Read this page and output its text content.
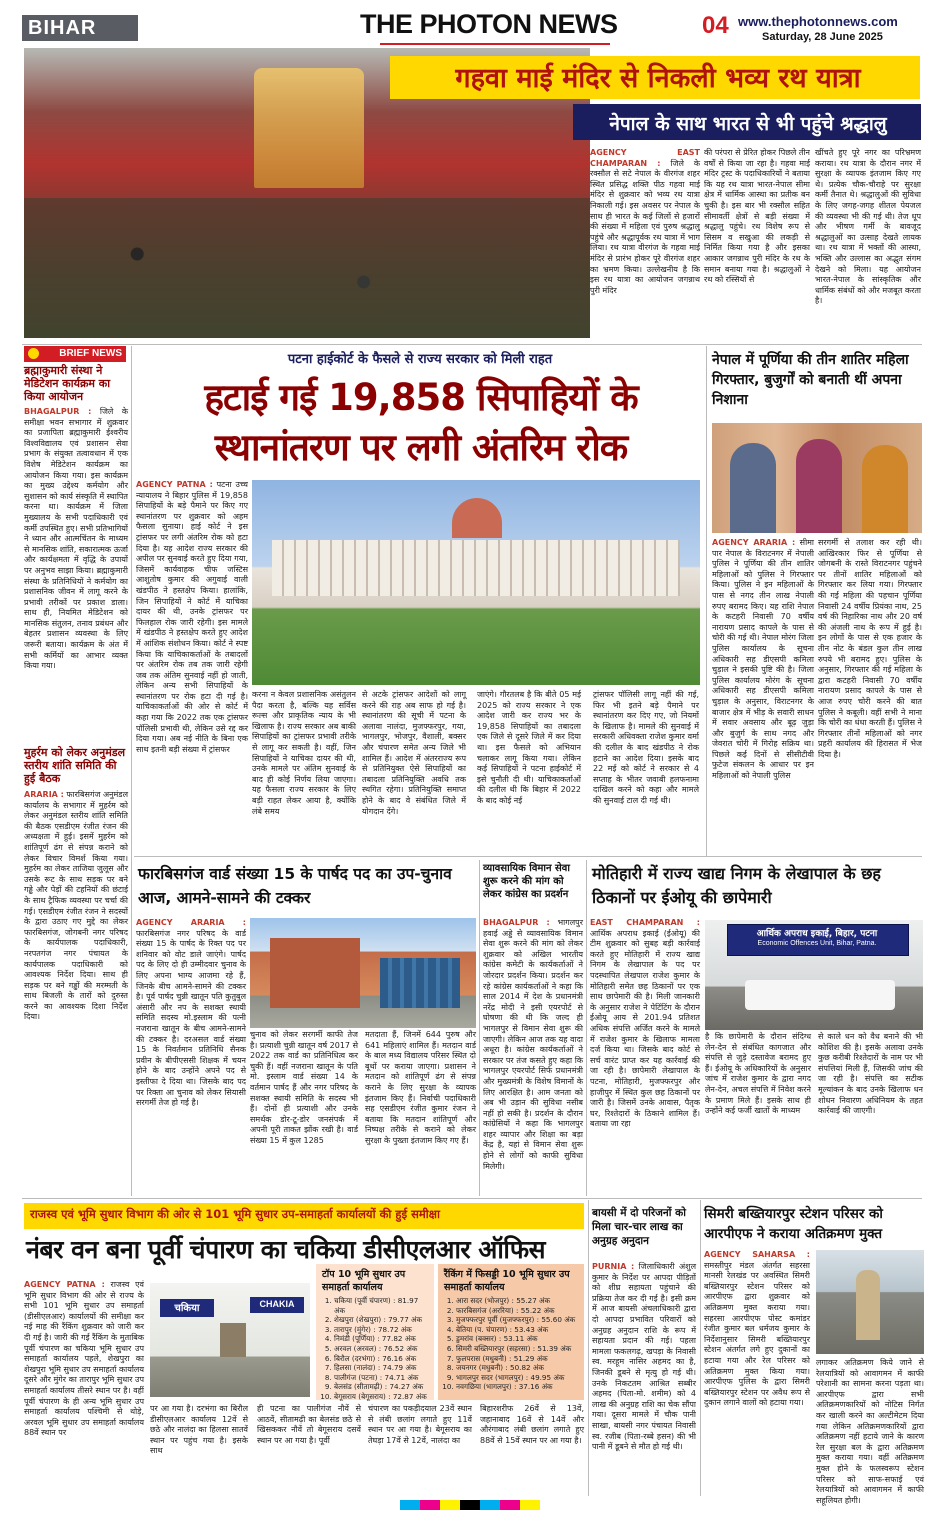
BIHAR	THE PHOTON NEWS	04 www.thephotonnews.com
Saturday, 28 June 2025
गहवा माई मंदिर से निकली भव्य रथ यात्रा
नेपाल के साथ भारत से भी पहुंचे श्रद्धालु
AGENCY EAST CHAMPARAN : जिले के रक्सौल से सटे नेपाल के वीरगंज शहर स्थित प्रसिद्ध शक्ति पीठ गहवा माई मंदिर से शुक्रवार को भव्य रथ यात्रा निकाली गई। इस अवसर पर नेपाल के साथ ही भारत के कई जिलों से हजारों की संख्या में महिला एवं पुरुष श्रद्धालु पहुंचे और श्रद्धापूर्वक रथ यात्रा में भाग लिया। रथ यात्रा वीरगंज के गहवा माई मंदिर से प्रारंभ होकर पूरे वीरगंज शहर का भ्रमण किया। उल्लेखनीय है कि इस रथ यात्रा का आयोजन जगन्नाथ पुरी मंदिर
की परंपरा से प्रेरित होकर पिछले तीन वर्षों से किया जा रहा है। गहवा माई मंदिर ट्रस्ट के पदाधिकारियों ने बताया कि यह रथ यात्रा भारत-नेपाल सीमा क्षेत्र में धार्मिक आस्था का प्रतीक बन चुकी है। इस बार भी रक्सौल सहित सीमावर्ती क्षेत्रों से बड़ी संख्या में श्रद्धालु पहुंचे। रथ विशेष रूप से सिसम व सखुआ की लकड़ी से निर्मित किया गया है और इसका आकार जगन्नाथ पुरी मंदिर के रथ के समान बनाया गया है। श्रद्धालुओं ने रथ को रस्सियों से
खींचते हुए पूरे नगर का परिभ्रमण कराया। रथ यात्रा के दौरान नगर में सुरक्षा के व्यापक इंतजाम किए गए थे। प्रत्येक चौक-चौराहे पर सुरक्षा कर्मी तैनात थे। श्रद्धालुओं की सुविधा के लिए जगह-जगह शीतल पेयजल की व्यवस्था भी की गई थी। तेज धूप और भीषण गर्मी के बावजूद श्रद्धालुओं का उत्साह देखते लायक था। रथ यात्रा में भक्तों की आस्था, भक्ति और उल्लास का अद्भुत संगम देखने को मिला। यह आयोजन भारत-नेपाल के सांस्कृतिक और धार्मिक संबंधों को और मजबूत करता है।
BRIEF NEWS
ब्रह्माकुमारी संस्था ने मेडिटेशन कार्यक्रम का किया आयोजन
BHAGALPUR : जिले के समीक्षा भवन सभागार में शुक्रवार का प्रजापिता ब्रह्माकुमारी ईश्वरीय विश्वविद्यालय एवं प्रशासन सेवा प्रभाग के संयुक्त तत्वावधान में एक विशेष मेडिटेशन कार्यक्रम का आयोजन किया गया। इस कार्यक्रम का मुख्य उद्देश्य कर्मयोग और सुशासन को कार्य संस्कृति में स्थापित करना था। कार्यक्रम में जिला मुख्यालय के सभी पदाधिकारी एवं कर्मी उपस्थित हुए। सभी प्रतिभागियों ने ध्यान और आत्मचिंतन के माध्यम से मानसिक शांति, सकारात्मक ऊर्जा और कार्यक्षमता में वृद्धि के उपायों पर अनुभव साझा किया। ब्रह्माकुमारी संस्था के प्रतिनिधियों ने कर्मयोग का प्रशासनिक जीवन में लागू करने के प्रभावी तरीकों पर प्रकाश डाला। साथ ही, नियमित मेडिटेशन को मानसिक संतुलन, तनाव प्रबंधन और बेहतर प्रशासन व्यवस्था के लिए जरूरी बताया। कार्यक्रम के अंत में सभी कर्मियों का आभार व्यक्त किया गया।
मुहर्रम को लेकर अनुमंडल स्तरीय शांति समिति की हुई बैठक
ARARIA : फारबिसगंज अनुमंडल कार्यालय के सभागार में मुहर्रम को लेकर अनुमंडल स्तरीय शांति समिति की बैठक एसडीएम रंजीत रंजन की अध्यक्षता में हुई। इसमें मुहर्रम को शांतिपूर्ण ढंग से संपन्न कराने को लेकर विचार विमर्श किया गया। मुहर्रम का लेकर ताजिया जुलूस और उसके रूट के साथ सड़क पर बने गड्ढे और पेड़ों की टहनियों की छंटाई के साथ ट्रैफिक व्यवस्था पर चर्चा की गई। एसडीएम रंजीत रंजन ने सदस्यों के द्वारा उठाए गए मुद्दे का लेकर फारबिसगंज, जोगबनी नगर परिषद के कार्यपालक पदाधिकारी, नरपतगंज नगर पंचायत के कार्यपालक पदाधिकारी को आवश्यक निर्देश दिया। साथ ही सड़क पर बने गड्ढों की मरम्मती के साथ बिजली के तारों को दुरुस्त करने का आवश्यक दिशा निर्देश दिया।
पटना हाईकोर्ट के फैसले से राज्य सरकार को मिली राहत
हटाई गई 19,858 सिपाहियों के
स्थानांतरण पर लगी अंतरिम रोक
AGENCY PATNA : पटना उच्च न्यायालय ने बिहार पुलिस में 19,858 सिपाहियों के बड़े पैमाने पर किए गए स्थानांतरण पर शुक्रवार को अहम फैसला सुनाया। हाई कोर्ट ने इस ट्रांसफर पर लगी अंतरिम रोक को हटा दिया है। यह आदेश राज्य सरकार की अपील पर सुनवाई करते हुए दिया गया, जिसमें कार्यवाहक चीफ जस्टिस आशुतोष कुमार की अगुवाई वाली खंडपीठ ने हस्तक्षेप किया। हालांकि, जिन सिपाहियों ने कोर्ट में याचिका दायर की थी, उनके ट्रांसफर पर फिलहाल रोक जारी रहेगी। इस मामले में खंडपीठ ने हस्तक्षेप करते हुए आदेश में आंशिक संशोधन किया। कोर्ट ने स्पष्ट किया कि याचिकाकर्ताओं के तबादलों पर अंतरिम रोक तब तक जारी रहेगी जब तक अंतिम सुनवाई नहीं हो जाती, लेकिन अन्य सभी सिपाहियों के स्थानांतरण पर रोक हटा दी गई है। याचिकाकर्ताओं की ओर से कोर्ट में कहा गया कि 2022 तक एक ट्रांसफर पॉलिसी प्रभावी थी, लेकिन उसे रद्द कर दिया गया। अब नई नीति के बिना एक साथ इतनी बड़ी संख्या में ट्रांसफर
करना न केवल प्रशासनिक असंतुलन पैदा करता है, बल्कि यह सर्विस रूल्स और प्राकृतिक न्याय के भी खिलाफ है। राज्य सरकार अब बाकी सिपाहियों का ट्रांसफर प्रभावी तरीके से लागू कर सकती है। वहीं, जिन सिपाहियों ने याचिका दायर की थी, उनके मामले पर अंतिम सुनवाई के बाद ही कोई निर्णय लिया जाएगा। यह फैसला राज्य सरकार के लिए बड़ी राहत लेकर आया है, क्योंकि लंबे समय
से अटके ट्रांसफर आदेशों को लागू करने की राह अब साफ हो गई है। स्थानांतरण की सूची में पटना के अलावा नालंदा, मुजफ्फरपुर, गया, भागलपुर, भोजपुर, वैशाली, बक्सर और चंपारण समेत अन्य जिले भी शामिल हैं। आदेश में अंतरराज्य रूप से प्रतिनियुक्त ऐसे सिपाहियों का तबादला प्रतिनियुक्ति अवधि तक स्थगित रहेगा। प्रतिनियुक्ति समाप्त होने के बाद वे संबंधित जिले में योगदान देंगे।
जाएंगे। गौरतलब है कि बीते 05 मई 2025 को राज्य सरकार ने एक आदेश जारी कर राज्य भर के 19,858 सिपाहियों का तबादला एक जिले से दूसरे जिले में कर दिया था। इस फैसले को अभियान चलाकर लागू किया गया। लेकिन कई सिपाहियों ने पटना हाईकोर्ट में इसे चुनौती दी थी। याचिकाकर्ताओं की दलील थी कि बिहार में 2022 के बाद कोई नई
ट्रांसफर पॉलिसी लागू नहीं की गई, फिर भी इतने बड़े पैमाने पर स्थानांतरण कर दिए गए, जो नियमों के खिलाफ है। मामले की सुनवाई में सरकारी अधिवक्ता राजेश कुमार वर्मा की दलील के बाद खंडपीठ ने रोक हटाने का आदेश दिया। इसके बाद 22 मई को कोर्ट ने सरकार से 4 सप्ताह के भीतर जवाबी हलफनामा दाखिल करने को कहा और मामले की सुनवाई टाल दी गई थी।
नेपाल में पूर्णिया की तीन शातिर महिला गिरफ्तार, बुजुर्गों को बनाती थीं अपना निशाना
AGENCY ARARIA : सीमा पार नेपाल के विराटनगर में नेपाली पुलिस ने पूर्णिया की तीन शातिर महिलाओं को पुलिस ने गिरफ्तार किया। पुलिस ने इन महिलाओं के पास से नगद तीन लाख नेपाली रुपए बरामद किए। यह राशि नेपाल के कटहरी निवासी 70 वर्षीय नारायण प्रसाद कापले के पास से चोरी की गई थी। नेपाल मोरंग जिला पुलिस कार्यालय के सूचना अधिकारी सह डीएसपी कमिला चुड़ाल ने इसकी पुष्टि की है। जिला पुलिस कार्यालय मोरंग के सूचना अधिकारी सह डीएसपी कमिला चुड़ाल के अनुसार, विराटनगर के बाजार क्षेत्र में भीड़ के सवारी साधन में सवार अवसाय और बूढ़ जुड़ा और बुजुर्ग के साथ नगद और जेवरात चोरी में गिरोह सक्रिय था। पिछले कई दिनों से सीसीटीवी फुटेज संकलन के आधार पर इन महिलाओं को नेपाली पुलिस
सरगर्मी से तलाश कर रही थी। आखिरकार फिर से पूर्णिया से जोगबनी के रास्ते विराटनगर पहुंचने पर तीनों शातिर महिलाओं को गिरफ्तार कर लिया गया। गिरफ्तार की गई महिला की पहचान पूर्णिया निवासी 24 वर्षीय प्रियंका नाथ, 25 वर्ष की निहारिका नाथ और 20 वर्ष की अंजली नाथ के रूप में हुई है। इन लोगों के पास से एक हजार के तीन नोट के बंडल कुल तीन लाख रुपये भी बरामद हुए। पुलिस के अनुसार, गिरफ्तार की गई महिला के द्वारा कटहरी निवासी 70 वर्षीय नारायण प्रसाद कापले के पास से आज रुपए चोरी करने की बात पुलिस ने कबूली। वहीं सभी ने माना कि चोरी का धंधा करती हैं। पुलिस ने गिरफ्तार तीनों महिलाओं को नगर प्रहरी कार्यालय की हिरासत में भेज दिया है।
फारबिसगंज वार्ड संख्या 15 के पार्षद पद का उप-चुनाव आज, आमने-सामने की टक्कर
AGENCY ARARIA : फारबिसगंज नगर परिषद के वार्ड संख्या 15 के पार्षद के रिक्त पद पर शनिवार को वोट डाले जाएंगे। पार्षद पद के लिए दो ही उम्मीदवार चुनाव के लिए अपना भाग्य आजमा रहे हैं, जिनके बीच आमने-सामने की टक्कर है। पूर्व पार्षद चुन्नी खातून पति कुतुबुल अंसारी और नप के सशक्त स्थायी समिति सदस्य मो.इस्लाम की पत्नी नजराना खातून के बीच आमने-सामने की टक्कर है। दरअसल वार्ड संख्या 15 के निवर्तमान प्रतिनिधि सैनक प्रवीन के बीपीएससी शिक्षक में चयन होने के बाद उन्होंने अपने पद से इस्तीफा दे दिया था। जिसके बाद पद पर रिक्ता आ चुनाव को लेकर सियासी सरगर्मी तेज हो गई है।
चुनाव को लेकर सरगर्मी काफी तेज है। प्रत्याशी चुन्नी खातून वर्ष 2017 से 2022 तक वार्ड का प्रतिनिधित्व कर चुकी हैं। वहीं नजराना खातून के पति मो. इस्लाम वार्ड संख्या 14 के वर्तमान पार्षद हैं और नगर परिषद के सशक्त स्थायी समिति के सदस्य भी हैं। दोनों ही प्रत्याशी और उनके समर्थक डोर-टू-डोर जनसंपर्क में अपनी पूरी ताकत झोंक रखी है। वार्ड संख्या 15 में कुल 1285
मतदाता हैं, जिनमें 644 पुरुष और 641 महिलाएं शामिल हैं। मतदान वार्ड के बाल मध्य विद्यालय परिसर स्थित दो बूथों पर कराया जाएगा। प्रशासन ने मतदान को शांतिपूर्ण ढंग से संपन्न कराने के लिए सुरक्षा के व्यापक इंतजाम किए हैं। निर्वाची पदाधिकारी सह एसडीएम रंजीत कुमार रंजन ने बताया कि मतदान शांतिपूर्ण और निष्पक्ष तरीके से कराने को लेकर सुरक्षा के पुख्ता इंतजाम किए गए हैं।
व्यावसायिक विमान सेवा शुरू करने की मांग को लेकर कांग्रेस का प्रदर्शन
BHAGALPUR : भागलपुर हवाई अड्डे से व्यावसायिक विमान सेवा शुरू करने की मांग को लेकर शुक्रवार को अखिल भारतीय कांग्रेस कमेटी के कार्यकर्ताओं ने जोरदार प्रदर्शन किया। प्रदर्शन कर रहे कांग्रेस कार्यकर्ताओं ने कहा कि साल 2014 में देश के प्रधानमंत्री नरेंद्र मोदी ने इसी एयरपोर्ट से घोषणा की थी कि जल्द ही भागलपुर से विमान सेवा शुरू की जाएगी। लेकिन आज तक यह वादा अधूरा है। कांग्रेस कार्यकर्ताओं ने सरकार पर तंज कसते हुए कहा कि भागलपुर एयरपोर्ट सिर्फ प्रधानमंत्री और मुख्यमंत्री के विशेष विमानों के लिए आरक्षित है। आम जनता को अब भी उड़ान की सुविधा नसीब नहीं हो सकी है। प्रदर्शन के दौरान कांग्रेसियों ने कहा कि भागलपुर शहर व्यापार और शिक्षा का बड़ा केंद्र है, यहां से विमान सेवा शुरू होने से लोगों को काफी सुविधा मिलेगी।
मोतिहारी में राज्य खाद्य निगम के लेखापाल के छह ठिकानों पर ईओयू की छापेमारी
EAST CHAMPARAN : आर्थिक अपराध इकाई (ईओयू) की टीम शुक्रवार को सुबह बड़ी कार्रवाई करते हुए मोतिहारी में राज्य खाद्य निगम के लेखापाल के पद पर पदस्थापित लेखपाल राजेश कुमार के मोतिहारी समेत छह ठिकानों पर एक साथ छापेमारी की है। मिली जानकारी के अनुसार राजेश ने पेटिंटिंग के दौरान ईओयू आय से 201.94 प्रतिशत अधिक संपत्ति अर्जित करने के मामले में राजेश कुमार के खिलाफ मामला दर्ज किया था। जिसके बाद कोर्ट से सर्च वारंट प्राप्त कर यह कार्रवाई की जा रही है। छापेमारी लेखापाल के पटना, मोतिहारी, मुजफ्फरपुर और हाजीपुर में स्थित कुल छह ठिकानों पर जारी है। जिसमें उनके आवास, पैतृक घर, रिश्तेदारों के ठिकाने शामिल हैं। बताया जा रहा
आर्थिक अपराध इकाई, बिहार, पटना
Economic Offences Unit, Bihar, Patna.
है कि छापेमारी के दौरान संदिग्ध लेन-देन से संबंधित कागजात और संपत्ति से जुड़े दस्तावेज बरामद हुए हैं। ईओयू के अधिकारियों के अनुसार जांच में राजेश कुमार के द्वारा नगद लेन-देन, अचल संपत्ति में निवेश करने के प्रमाण मिले हैं। इसके साथ ही उन्होंने कई फर्जी खातों के माध्यम
से काले धन को वैध बनाने की भी कोशिश की है। इसके अलावा उनके कुछ करीबी रिश्तेदारों के नाम पर भी संपत्तियां मिली हैं, जिसकी जांच की जा रही है। संपत्ति का सटीक मूल्यांकन के बाद उनके खिलाफ धन शोधन निवारण अधिनियम के तहत कार्रवाई की जाएगी।
राजस्व एवं भूमि सुधार विभाग की ओर से 101 भूमि सुधार उप-समाहर्ता कार्यालयों की हुई समीक्षा
नंबर वन बना पूर्वी चंपारण का चकिया डीसीएलआर ऑफिस
AGENCY PATNA : राजस्व एवं भूमि सुधार विभाग की ओर से राज्य के सभी 101 भूमि सुधार उप समाहर्ता (डीसीएलआर) कार्यालयों की समीक्षा कर नई माह की रैंकिंग शुक्रवार को जारी कर दी गई है। जारी की गई रैंकिंग के मुताबिक पूर्वी चंपारण का चकिया भूमि सुधार उप समाहर्ता कार्यालय पहले, शेखपुरा का शेखपुरा भूमि सुधार उप समाहर्ता कार्यालय दूसरे और मुंगेर का तारापुर भूमि सुधार उप समाहर्ता कार्यालय तीसरे स्थान पर है। वहीं पूर्वी चंपारण के ही अन्य भूमि सुधार उप समाहर्ता कार्यालय पश्चिमी से थोड़े, अरवल भूमि सुधार उप समाहर्ता कार्यालय 88वें स्थान पर
चकिया	CHAKIA
पर आ गया है। दरभंगा का बिरौल डीसीएलआर कार्यालय 12वें से छठे और नालंदा का हिलसा सातवें स्थान पर पहुंच गया है। इसके साथ
ही पटना का पालीगंज नौवें से आठवें, सीतामढ़ी का बेलसंड छठे से खिसककर नौवें तो बेगूसराय दसवें स्थान पर आ गया है। पूर्वी
चंपारण का पकड़ीदयाल 23वें स्थान से लंबी छलांग लगाते हुए 11वें स्थान पर आ गया है। बेगूसराय का तेघड़ा 17वें से 12वें, नालंदा का
बिहारशरीफ 26वें से 13वें, जहानाबाद 16वें से 14वें और औरंगाबाद लंबी छलांग लगाते हुए 88वें से 15वें स्थान पर आ गया है।
टॉप 10 भूमि सुधार उप समाहर्ता कार्यालय
1. चकिया (पूर्वी चंपारण) : 81.97 अंक
2. शेखपुरा (शेखपुरा) : 79.77 अंक
3. तारापुर (मुंगेर) : 78.72 अंक
4. निमंडी (पूर्णिया) : 77.82 अंक
5. अरवल (अरवल) : 76.52 अंक
6. बिरौल (दरभंगा) : 76.16 अंक
7. हिलसा (नालंदा) : 74.79 अंक
8. पालीगंज (पटना) : 74.71 अंक
9. बेलसंड (सीतामढ़ी) : 74.27 अंक
10. बेगूसराय (बेगूसराय) : 72.87 अंक
रैंकिंग में फिसड्डी 10 भूमि सुधार उप समाहर्ता कार्यालय
1. आरा सदर (भोजपुर) : 55.27 अंक
2. फारबिसगंज (अररिया) : 55.22 अंक
3. मुजफ्फरपुर पूर्वी (मुजफ्फरपुर) : 55.60 अंक
4. बेतिया (प. चंपारण) : 53.43 अंक
5. डुमरांव (बक्सर) : 53.11 अंक
6. सिमरी बख्तियारपुर (सहरसा) : 51.39 अंक
7. फुलपरास (मधुबनी) : 51.29 अंक
8. जयनगर (मधुबनी) : 50.82 अंक
9. भागलपुर सदर (भागलपुर) : 49.95 अंक
10. नवगछिया (भागलपुर) : 37.16 अंक
बायसी में दो परिजनों को मिला चार-चार लाख का अनुग्रह अनुदान
PURNIA : जिलाधिकारी अंशुल कुमार के निर्देश पर आपदा पीड़ितों को शीघ्र सहायता पहुंचाने की प्रक्रिया तेज कर दी गई है। इसी क्रम में आज बायसी अंचलाधिकारी द्वारा दो आपदा प्रभावित परिवारों को अनुग्रह अनुदान राशि के रूप में सहायता प्रदान की गई। पहला मामला फकलगढ़, खपड़ा के निवासी स्व. मरहूम नासिर अहमद का है, जिनकी डूबने से मृत्यु हो गई थी। उनके निकटतम आश्रित सब्बीर अहमद (पिता-मो. शमीम) को 4 लाख की अनुग्रह राशि का चेक सौंपा गया। दूसरा मामले में चौक पानी साखा, बायसी नगर पंचायत निवासी स्व. रजीब (पिता-रब्बे हसन) की भी पानी में डूबने से मौत हो गई थी।
सिमरी बख्तियारपुर स्टेशन परिसर को आरपीएफ ने कराया अतिक्रमण मुक्त
AGENCY SAHARSA : समस्तीपुर मंडल अंतर्गत सहरसा मानसी रेलखंड पर अवस्थित सिमरी बख्तियारपुर स्टेशन परिसर को आरपीएफ द्वारा शुक्रवार को अतिक्रमण मुक्त कराया गया। सहरसा आरपीएफ पोस्ट कमांडर रंजीत कुमार बल धर्मजय कुमार के निर्देशानुसार सिमरी बख्तियारपुर स्टेशन अंतर्गत लगे हुए दुकानों का हटाया गया और रेल परिसर को अतिक्रमण मुक्त किया गया। आरपीएफ पुलिस के द्वारा सिमरी बख्तियारपुर स्टेशन पर अवैध रूप से दुकान लगाने वालों को हटाया गया।
लगाकर अतिक्रमण किये जाने से रेलयात्रियों को आवागमन में काफी परेशानी का सामना करना पड़ता था। आरपीएफ द्वारा सभी अतिक्रमणकारियों को नोटिस निर्गत कर खाली करने का अल्टीमेटम दिया गया लेकिन अतिक्रमणकारियों द्वारा अतिक्रमण नहीं हटाये जाने के कारण रेल सुरक्षा बल के द्वारा अतिक्रमण मुक्त कराया गया। वहीं अतिक्रमण मुक्त होने के फलस्वरूप स्टेशन परिसर को साफ-सफाई एवं रेलयात्रियों को आवागमन में काफी सहूलियत होगी।
